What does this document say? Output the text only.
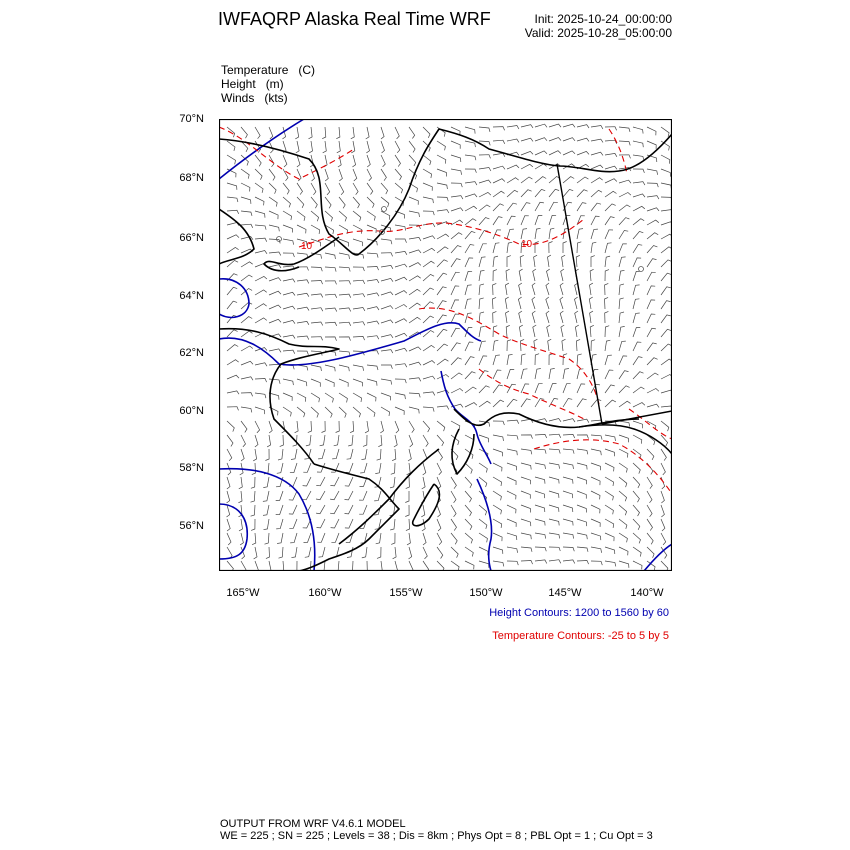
IWFAQRP Alaska Real Time WRF	Init: 2025-10-24_00:00:00
Valid: 2025-10-28_05:00:00
Temperature (C)
Height (m)
Winds (kts)
70°N
68°N
66°N
64°N
62°N
60°N
58°N
56°N
165°W	160°W	155°W	150°W	145°W	140°W
10	10
Height Contours: 1200 to 1560 by 60
Temperature Contours: -25 to 5 by 5
OUTPUT FROM WRF V4.6.1 MODEL
WE = 225 ; SN = 225 ; Levels = 38 ; Dis = 8km ; Phys Opt = 8 ; PBL Opt = 1 ; Cu Opt = 3
